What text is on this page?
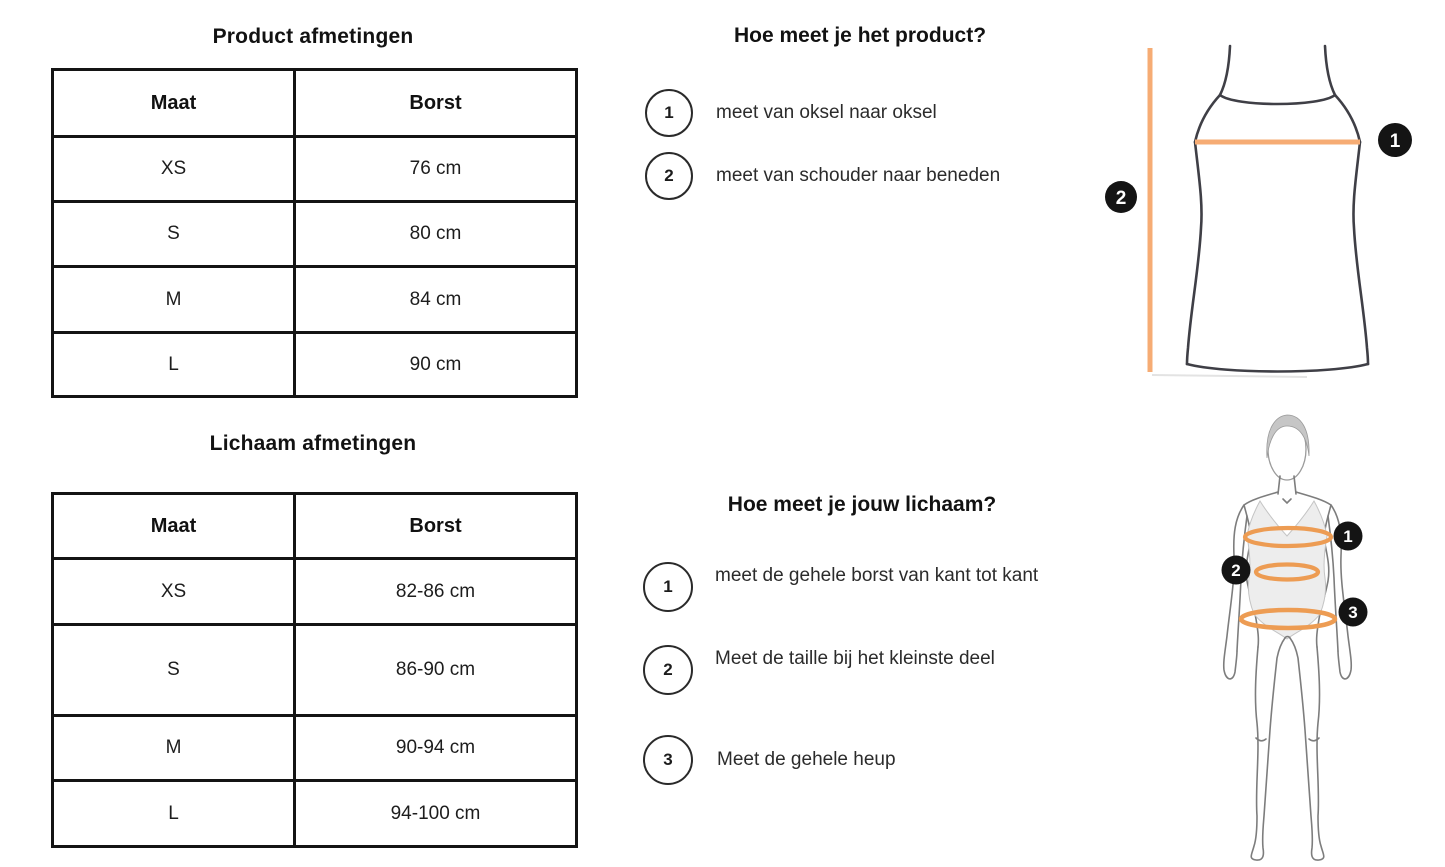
Product afmetingen
Maat	Borst
XS	76 cm
S	80 cm
M	84 cm
L	90 cm
Lichaam afmetingen
Maat	Borst
XS	82-86 cm
S	86-90 cm
M	90-94 cm
L	94-100 cm
Hoe meet je het product?
1 meet van oksel naar oksel
2 meet van schouder naar beneden
1
2
Hoe meet je jouw lichaam?
1
meet de gehele borst van kant tot kant
2
Meet de taille bij het kleinste deel
3 Meet de gehele heup
1
2
3
